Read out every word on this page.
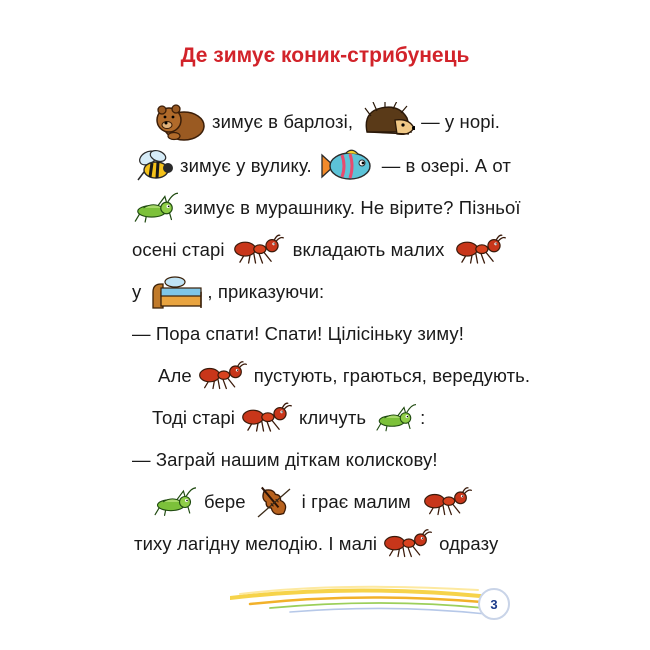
Де зимує коник-стрибунець
зимує в барлозі,	— у норі.
зимує у вулику.	— в озері. А от
зимує в мурашнику. Не вірите? Пізньої
осені старі	вкладають малих
у	, приказуючи:
— Пора спати! Спати! Цілісіньку зиму!
Але	пустують, граються, вередують.
Тоді старі	кличуть	:
— Заграй нашим діткам колискову!
бере	і грає малим
тиху лагідну мелодію. І малі	одразу
3
